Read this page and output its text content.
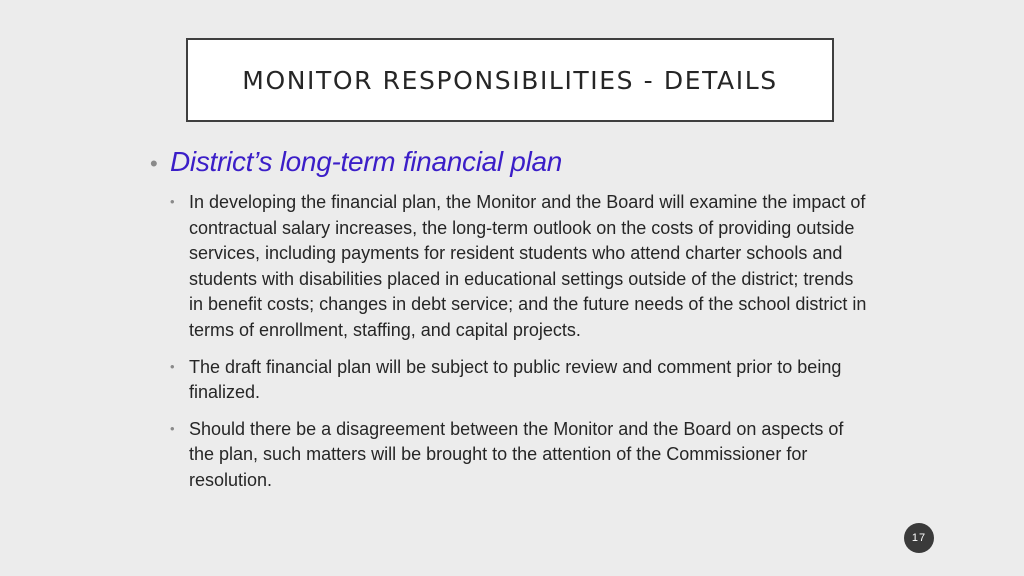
MONITOR RESPONSIBILITIES - DETAILS
• District’s long-term financial plan
• In developing the financial plan, the Monitor and the Board will examine the impact of contractual salary increases, the long-term outlook on the costs of providing outside services, including payments for resident students who attend charter schools and students with disabilities placed in educational settings outside of the district; trends in benefit costs; changes in debt service; and the future needs of the school district in terms of enrollment, staffing, and capital projects.
• The draft financial plan will be subject to public review and comment prior to being finalized.
• Should there be a disagreement between the Monitor and the Board on aspects of the plan, such matters will be brought to the attention of the Commissioner for resolution.
17
